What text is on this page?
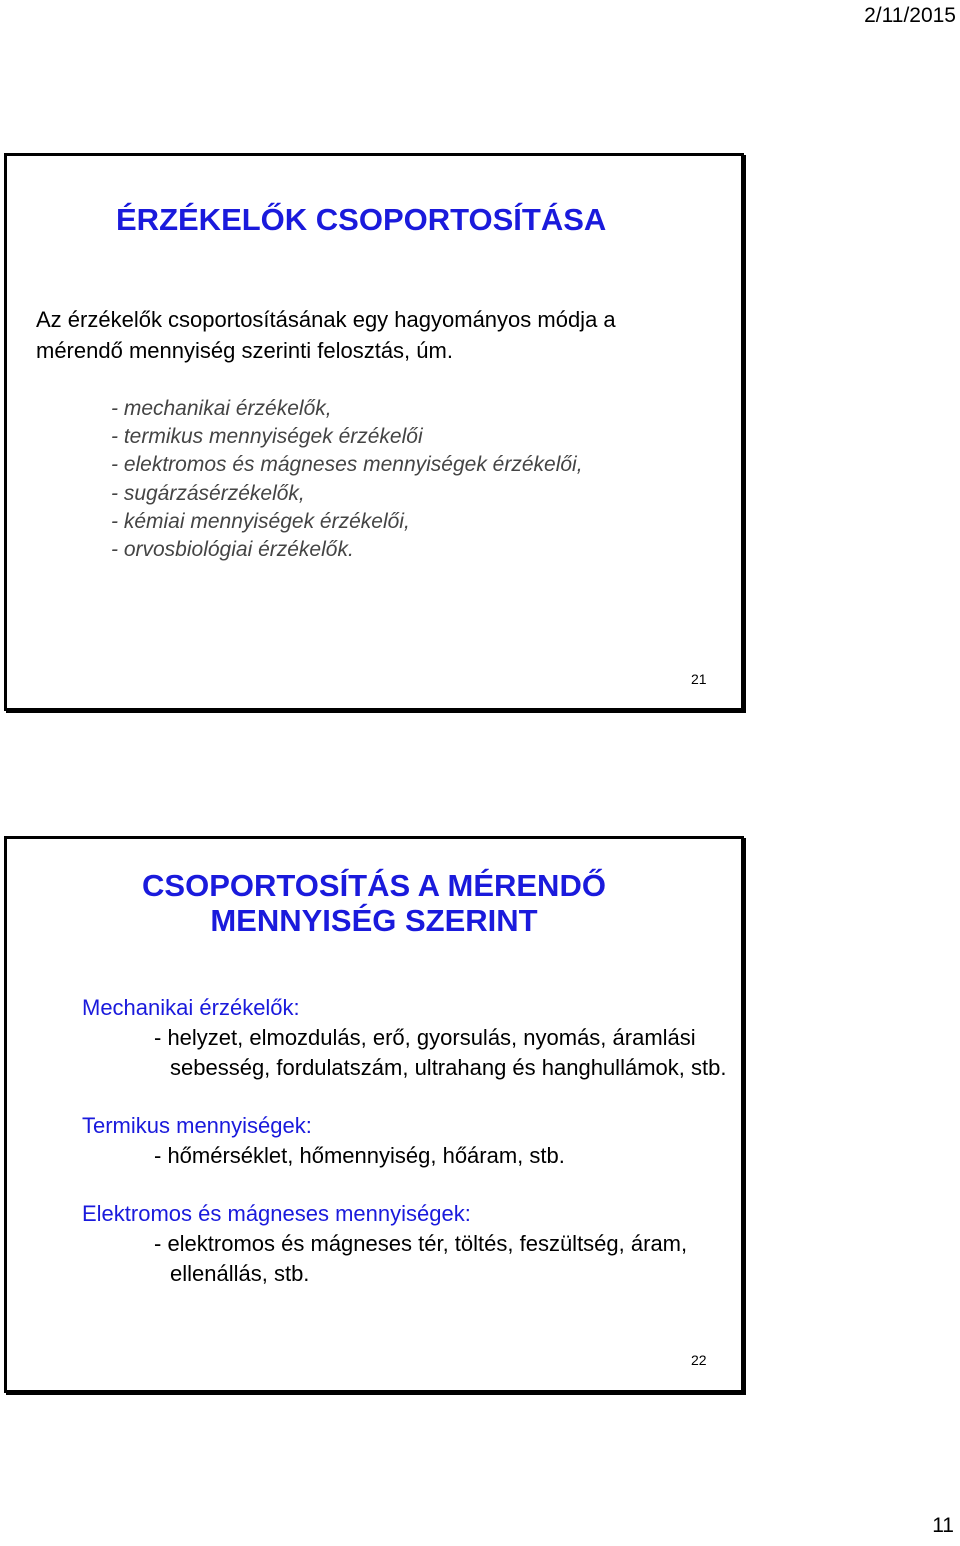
2/11/2015
ÉRZÉKELŐK CSOPORTOSÍTÁSA
Az érzékelők csoportosításának egy hagyományos módja a
mérendő mennyiség szerinti felosztás, úm.
- mechanikai érzékelők,
- termikus mennyiségek érzékelői
- elektromos és mágneses mennyiségek érzékelői,
- sugárzásérzékelők,
- kémiai mennyiségek érzékelői,
- orvosbiológiai érzékelők.
21
CSOPORTOSÍTÁS A MÉRENDŐ
MENNYISÉG SZERINT
Mechanikai érzékelők:
- helyzet, elmozdulás, erő, gyorsulás, nyomás, áramlási sebesség, fordulatszám, ultrahang és hanghullámok, stb.
Termikus mennyiségek:
- hőmérséklet, hőmennyiség, hőáram, stb.
Elektromos és mágneses mennyiségek:
- elektromos és mágneses tér, töltés, feszültség, áram, ellenállás, stb.
22
11
